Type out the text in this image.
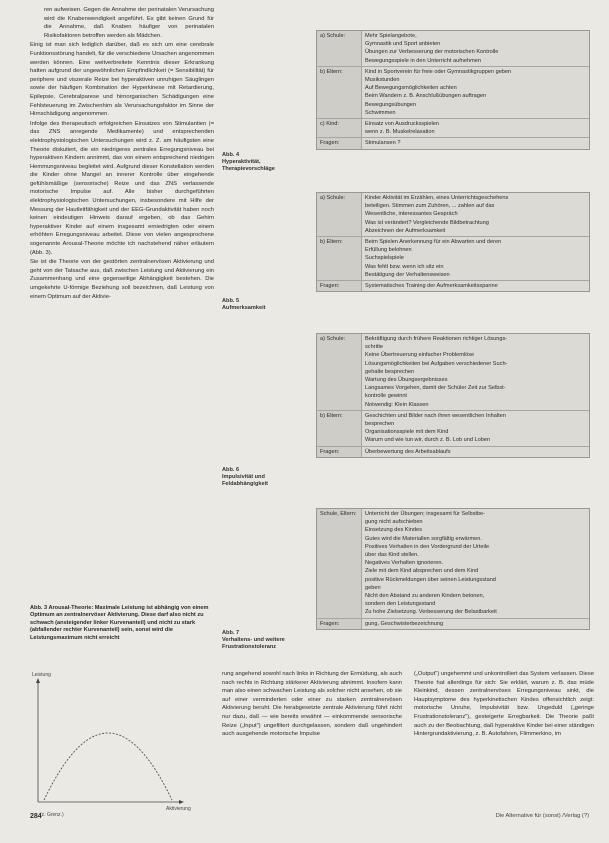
ren aufweisen. Gegen die Annahme der perinatalen Verursachung wird die Knabenwendigkeit angeführt. Es gibt keinen Grund für die Annahme, daß Knaben häufiger von perinatalen Risikofaktoren betroffen werden als Mädchen.

Einig ist man sich lediglich darüber, daß es sich um eine cerebrale Funktionsstörung handelt, für die verschiedene Ursachen angenommen werden können. Eine weitverbreitete Kenntnis dieser Erkrankung hatten aufgrund der ungewöhnlichen Empfindlichkeit (= Sensibilität) für periphere und viszerale Reize bei hyperaktiven unruhigen Säuglingen sowie der häufigen Kombination der Hyperkinese mit Retardierung, Epilepsie, Cerebralparese und hirnorganischen Schädigungen eine Fehlsteuerung im Zwischenhirn als Verursachungsfaktor im Sinne der Hirnschädigung angenommen.

Infolge des therapeutisch erfolgreichen Einsatzes von Stimulantien (= das ZNS anregende Medikamente) und entsprechenden elektrophysiologischen Untersuchungen wird z. Z. am häufigsten eine Theorie diskutiert, die ein niedrigeres zentrales Erregungsniveau bei hyperaktiven Kindern annimmt, das von einem entsprechend niedrigen Hemmungsniveau begleitet wird. Aufgrund dieser Konstellation werden die Kinder ohne Mangel an innerer Kontrolle über eingehende gefühlsmäßige (sensorische) Reize und das ZNS verlassende motorische Impulse auf. Alle bisher durchgeführten elektrophysiologischen Untersuchungen, insbesondere mit Hilfe der Messung der Hautleitfähigkeit und der EEG-Grundaktivität haben noch keinen eindeutigen Hinweis darauf ergeben, ob das Gehirn hyperaktiver Kinder auf einem insgesamt erniedrigten oder einem erhöhten Erregungsniveau arbeitet. Diese von vielen angesprochene sogenannte Arousal-Theorie möchte ich nachstehend näher erläutern (Abb. 3).

Sie ist die Theorie von der gestörten zentralnervösen Aktivierung und geht von der Tatsache aus, daß zwischen Leistung und Aktivierung ein Zusammenhang und eine gegenseitige Abhängigkeit bestehen. Die umgekehrte U-förmige Beziehung soll bezeichnen, daß Leistung von einem Optimum auf der Aktivie-

Abb. 3 Arousal-Theorie: Maximale Leistung ist abhängig von einem Optimum an zentralnervöser Aktivierung. Diese darf also nicht zu schwach (ansteigender linker Kurvenanteil) und nicht zu stark (abfallender rechter Kurvenanteil) sein, sonst wird die Leistungsmaximum nicht erreicht
Leistung
Aktivierung
(z. Grenz.)
Abb. 4
Hyperaktivität, Therapievorschläge
Abb. 5
Aufmerksamkeit
Abb. 6
Impulsivität und Feldabhängigkeit
Abb. 7
Verhaltens- und weitere Frustrationstoleranz
a) Schule:	Mehr Spielangebote,
Gymnastik und Sport anbieten
Übungen zur Verbesserung der motorischen Kontrolle
Bewegungsspiele in den Unterricht aufnehmen
b) Eltern:	Kind in Sportverein für freie oder Gymnastikgruppen geben
Musikstunden
Auf Bewegungsmöglichkeiten achten
Beim Wandern z. B. Anschlußübungen auftragen
Bewegungsübungen
Schwimmen
c) Kind:	Einsatz von Ausdrucksspielen
wenn z. B. Muskelrelaxation
Fragen:	Stimulansen ?
a) Schule:	Kinder Aktivität im Erzählen, eines Unterrichtsgeschehens
beteiligen. Stimmen zum Zuhören, ... zahlen auf das
Wesentliche, interessantes Gespräch
Was ist verändert? Vergleichende Bildbetrachtung
Abzeichnen der Aufmerksamkeit
b) Eltern:	Beim Spielen Anerkennung für ein Abwarten und deren
Erfüllung belohnen
Suchspielspiele
Was fehlt bzw. wenn ich sitz ein
Bestätigung der Verhaltensweisen
Fragen:	Systematisches Training der Aufmerksamkeitsspanne
a) Schule:	Bekräftigung durch frühere Reaktionen richtiger Lösungs-
schritte
Keine Übertreuerung einfacher Problemlöse
Lösungsmöglichkeiten bei Aufgaben verschiedener Such-
gehalte besprechen
Wartung des Übungsergebnisses
Langsames Vorgehen, damit der Schüler Zeit zur Selbst-
kontrolle gewinnt
Notwendig: Klein Klassen
b) Eltern:	Geschichten und Bilder nach ihren wesentlichen Inhalten
besprechen
Organisationsspiele mit dem Kind
Warum und wie tun wir, durch z. B. Lob und Loben
Fragen:	Überbewertung des Arbeitsablaufs
Schule, Eltern:	Unterricht der Übungen; insgesamt für Selbstbe-
gung nicht aufschieben
Einsetzung des Kindes
Gutes wird die Materiallen sorgfältig erwärmen.
Positives Verhalten in den Vordergrund der Urteile
über das Kind stellen.
Negatives Verhalten ignorieren.
Ziele mit dem Kind absprechen und dem Kind
positive Rückmeldungen über seinen Leistungsstand
geben
Nicht den Abstand zu anderen Kindern betonen,
sondern den Leistungsstand
Zu hohe Zielsetzung. Verbesserung der Belastbarkeit
Fragen:	gung, Geschwisterbezeichnung
rung angehend sowohl nach links in Richtung der Ermüdung, als auch nach rechts in Richtung stärkerer Aktivierung abnimmt. Insofern kann man also einen schwachen Leistung als solcher nicht ansehen, ob sie auf einer verminderten oder einer zu starken zentralnervösen Aktivierung beruht. Die herabgesetzte zentrale Aktivierung führt nicht nur dazu, daß — wie bereits erwähnt — einkommende sensorische Reize („Input") ungefiltert durchgelassen, sondern daß ungehindert auch ausgehende motorische Impulse
(„Output") ungehemmt und unkontrolliert das System verlassen. Diese Theorie hat allerdings für sich: Sie erklärt, warum z. B. das müde Kleinkind, dessen zentralnervöses Erregungsniveau sinkt, die Hauptsymptome des hyperkinetischen Kindes offensichtlich zeigt: motorische Unruhe, Impulsivität bzw. Ungeduld („geringe Frustrationstoleranz"), gesteigerte Erregbarkeit. Die Theorie paßt auch zu der Beobachtung, daß hyperaktive Kinder bei einer ständigen Hintergrundaktivierung, z. B. Autofahren, Flimmerkino, im
284	Die Alternative für (sonst) /Verlag (?)
